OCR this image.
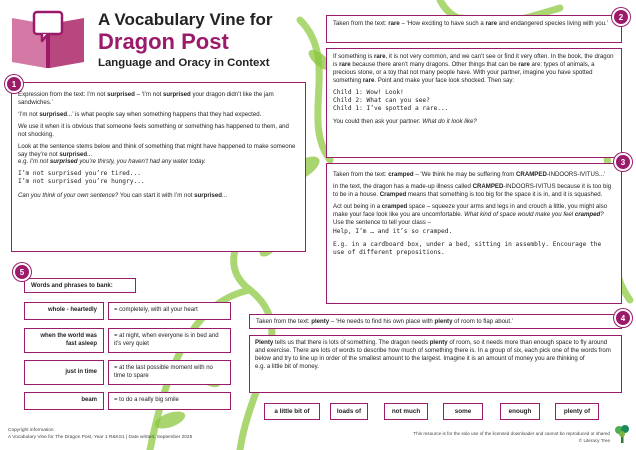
A Vocabulary Vine for
Dragon Post
Language and Oracy in Context

Expression from the text: I’m not surprised – ‘I’m not surprised your dragon didn’t like the jam sandwiches.’

‘I’m not surprised...’ is what people say when something happens that they had expected.

We use it when it is obvious that someone feels something or something has happened to them, and not shocking.

Look at the sentence stems below and think of something that might have happened to make someone say they’re not surprised...

e.g. I’m not surprised you’re thirsty, you haven’t had any water today.

I’m not surprised you’re tired...
I’m not surprised you’re hungry...

Can you think of your own sentence? You can start it with I’m not surprised...

1
Taken from the text: rare – ‘How exciting to have such a rare and endangered species living with you.’
2

If something is rare, it is not very common, and we can’t see or find it very often. In the book, the dragon is rare because there aren’t many dragons. Other things that can be rare are: types of animals, a precious stone, or a toy that not many people have. With your partner, imagine you have spotted something rare. Point and make your face look shocked. Then say:

Child 1: Wow! Look!
Child 2: What can you see?
Child 1: I’ve spotted a rare...

You could then ask your partner: What do it look like?

Taken from the text: cramped – ‘We think he may be suffering from CRAMPED-INDOORS-IVITUS...’

In the text, the dragon has a made-up illness called CRAMPED-INDOORS-IVITUS because it is too big to be in a house. Cramped means that something is too big for the space it is in, and it is squashed.

Act out being in a cramped space – squeeze your arms and legs in and crouch a little, you might also make your face look like you are uncomfortable. What kind of space would make you feel cramped? Use the sentence to tell your class –

Help, I’m … and it’s so cramped.
E.g. in a cardboard box, under a bed, sitting in assembly. Encourage the use of different prepositions.
3
Taken from the text: plenty – ‘He needs to find his own place with plenty of room to flap about.’	4

Plenty tells us that there is lots of something. The dragon needs plenty of room, so it needs more than enough space to fly around and exercise. There are lots of words to describe how much of something there is. In a group of six, each pick one of the words from below and try to line up in order of the smallest amount to the largest. Imagine it is an amount of money you are thinking of

e.g. a little bit of money.
a little bit of	loads of	not much	some	enough	plenty of
5
Words and phrases to bank:
whole - heartedly	= completely, with all your heart
when the world was fast asleep
= at night, when everyone is in bed and it’s very quiet
just in time
= at the last possible moment with no time to spare
beam	= to do a really big smile
Copyright information
A Vocabulary Vine for The Dragon Post, Year 1 R&KS1 | Date written: September 2025
This resource is for the sole use of the licensed downloader and cannot be reproduced or shared
© Literacy Tree
